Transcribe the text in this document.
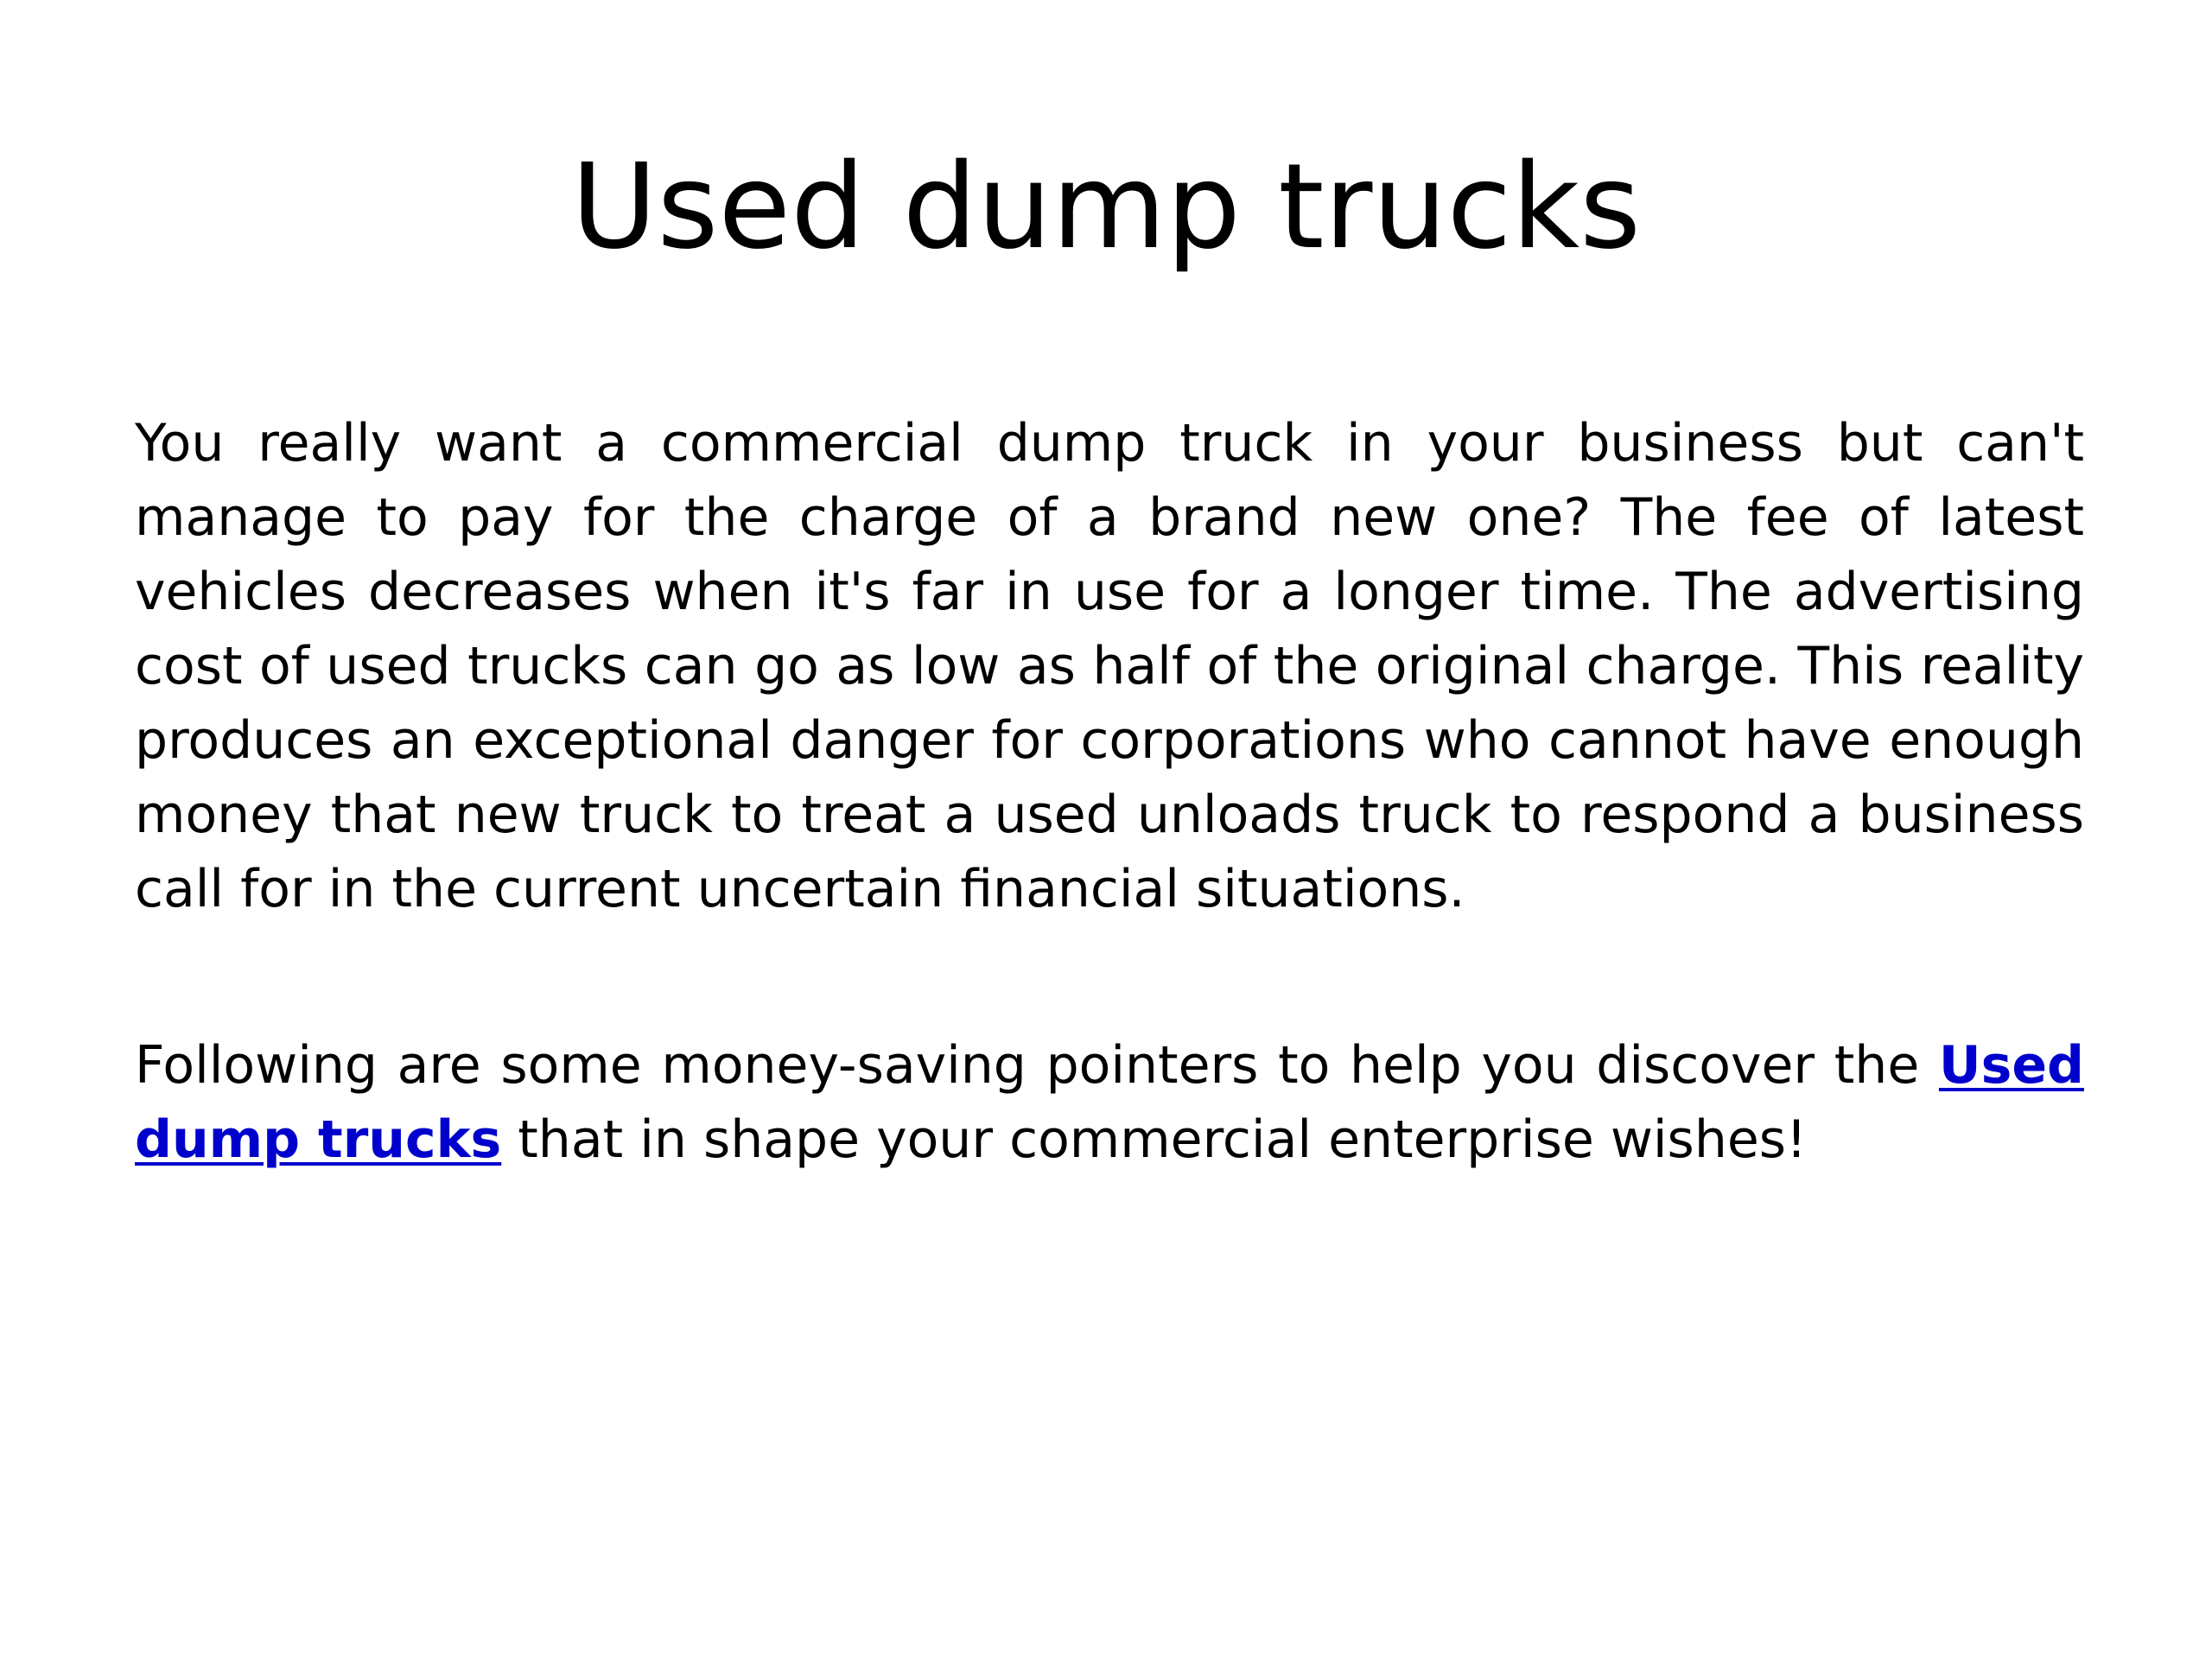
Used dump trucks

You really want a commercial dump truck in your business but can't manage to pay for the charge of a brand new one? The fee of latest vehicles decreases when it's far in use for a longer time. The advertising cost of used trucks can go as low as half of the original charge. This reality produces an exceptional danger for corporations who cannot have enough money that new truck to treat a used unloads truck to respond a business call for in the current uncertain financial situations.

Following are some money-saving pointers to help you discover the Used dump trucks that in shape your commercial enterprise wishes!
